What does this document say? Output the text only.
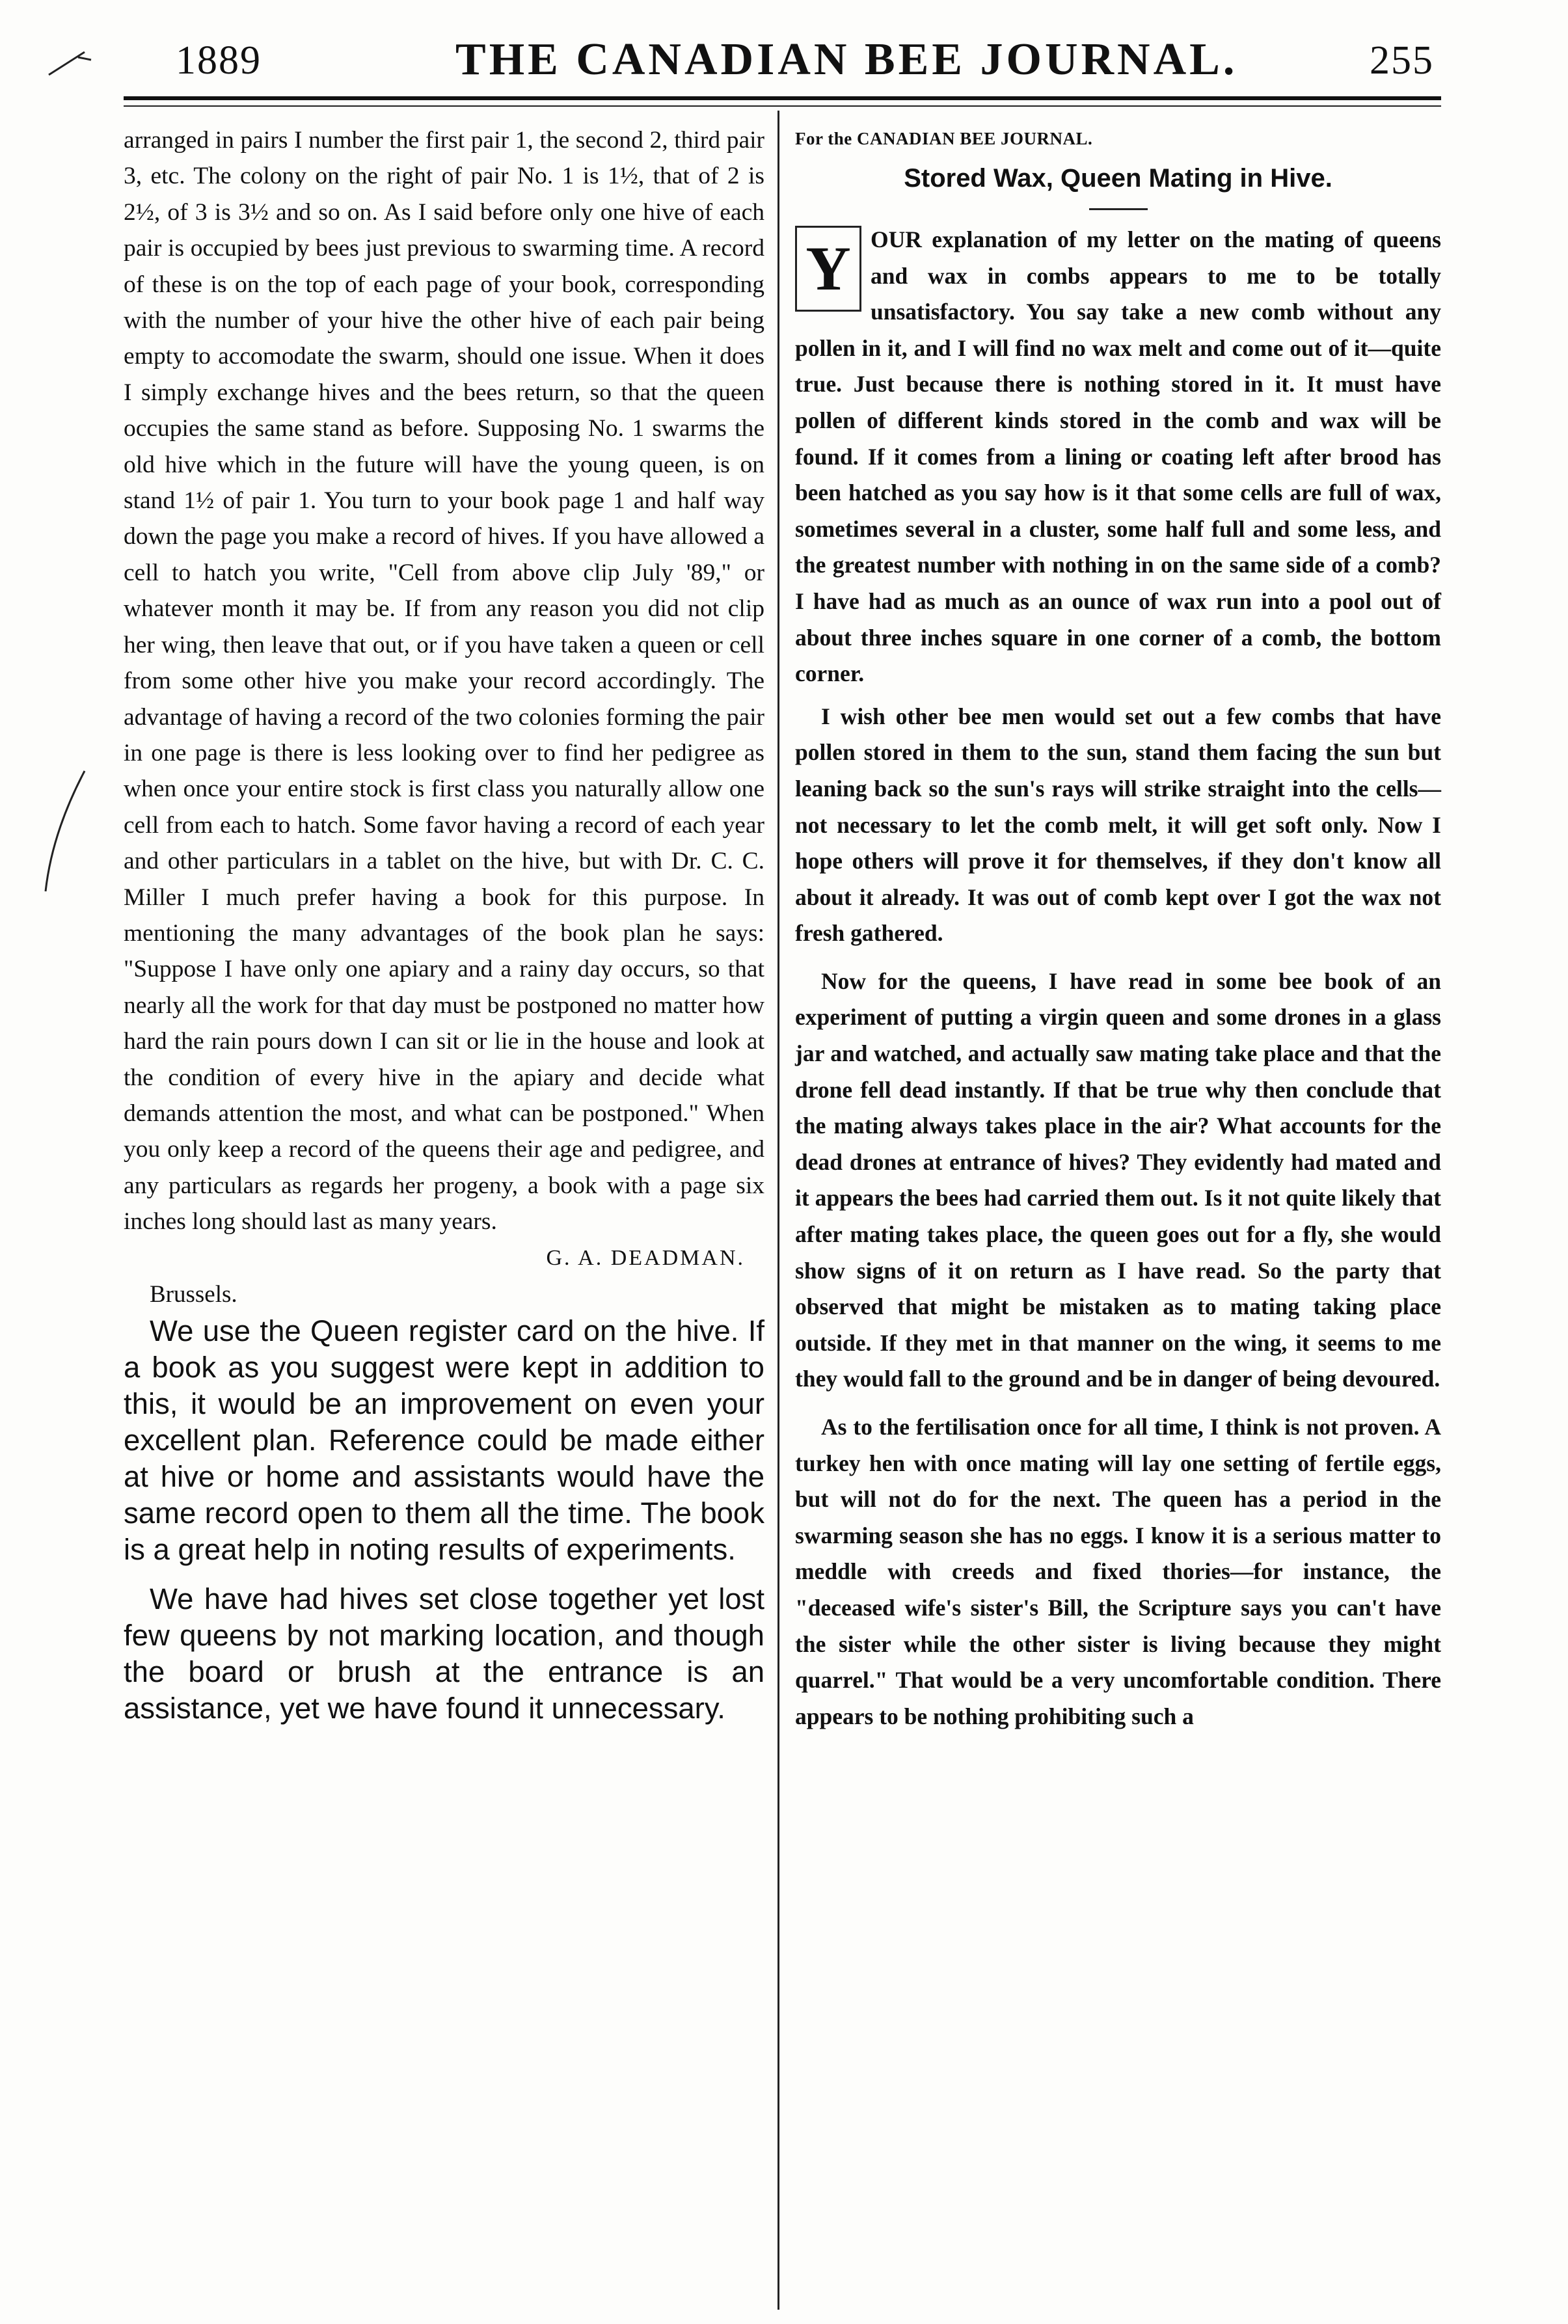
1889	THE CANADIAN BEE JOURNAL.	255

arranged in pairs I number the first pair 1, the second 2, third pair 3, etc. The colony on the right of pair No. 1 is 1½, that of 2 is 2½, of 3 is 3½ and so on. As I said before only one hive of each pair is occupied by bees just previous to swarming time. A record of these is on the top of each page of your book, corresponding with the number of your hive the other hive of each pair being empty to accomodate the swarm, should one issue. When it does I simply exchange hives and the bees return, so that the queen occupies the same stand as before. Supposing No. 1 swarms the old hive which in the future will have the young queen, is on stand 1½ of pair 1. You turn to your book page 1 and half way down the page you make a record of hives. If you have allowed a cell to hatch you write, "Cell from above clip July '89," or whatever month it may be. If from any reason you did not clip her wing, then leave that out, or if you have taken a queen or cell from some other hive you make your record accordingly. The advantage of having a record of the two colonies forming the pair in one page is there is less looking over to find her pedigree as when once your entire stock is first class you naturally allow one cell from each to hatch. Some favor having a record of each year and other particulars in a tablet on the hive, but with Dr. C. C. Miller I much prefer having a book for this purpose. In mentioning the many advantages of the book plan he says: "Suppose I have only one apiary and a rainy day occurs, so that nearly all the work for that day must be postponed no matter how hard the rain pours down I can sit or lie in the house and look at the condition of every hive in the apiary and decide what demands attention the most, and what can be postponed." When you only keep a record of the queens their age and pedigree, and any particulars as regards her progeny, a book with a page six inches long should last as many years.

G. A. DEADMAN.

Brussels.

We use the Queen register card on the hive. If a book as you suggest were kept in addition to this, it would be an improvement on even your excellent plan. Reference could be made either at hive or home and assistants would have the same record open to them all the time. The book is a great help in noting results of experiments.

We have had hives set close together yet lost few queens by not marking location, and though the board or brush at the entrance is an assistance, yet we have found it unnecessary.

For the CANADIAN BEE JOURNAL.

Stored Wax, Queen Mating in Hive.

Y OUR explanation of my letter on the mating of queens and wax in combs appears to me to be totally unsatisfactory. You say take a new comb without any pollen in it, and I will find no wax melt and come out of it—quite true. Just because there is nothing stored in it. It must have pollen of different kinds stored in the comb and wax will be found. If it comes from a lining or coating left after brood has been hatched as you say how is it that some cells are full of wax, sometimes several in a cluster, some half full and some less, and the greatest number with nothing in on the same side of a comb? I have had as much as an ounce of wax run into a pool out of about three inches square in one corner of a comb, the bottom corner.

I wish other bee men would set out a few combs that have pollen stored in them to the sun, stand them facing the sun but leaning back so the sun's rays will strike straight into the cells—not necessary to let the comb melt, it will get soft only. Now I hope others will prove it for themselves, if they don't know all about it already. It was out of comb kept over I got the wax not fresh gathered.

Now for the queens, I have read in some bee book of an experiment of putting a virgin queen and some drones in a glass jar and watched, and actually saw mating take place and that the drone fell dead instantly. If that be true why then conclude that the mating always takes place in the air? What accounts for the dead drones at entrance of hives? They evidently had mated and it appears the bees had carried them out. Is it not quite likely that after mating takes place, the queen goes out for a fly, she would show signs of it on return as I have read. So the party that observed that might be mistaken as to mating taking place outside. If they met in that manner on the wing, it seems to me they would fall to the ground and be in danger of being devoured.

As to the fertilisation once for all time, I think is not proven. A turkey hen with once mating will lay one setting of fertile eggs, but will not do for the next. The queen has a period in the swarming season she has no eggs. I know it is a serious matter to meddle with creeds and fixed thories—for instance, the "deceased wife's sister's Bill, the Scripture says you can't have the sister while the other sister is living because they might quarrel." That would be a very uncomfortable condition. There appears to be nothing prohibiting such a
